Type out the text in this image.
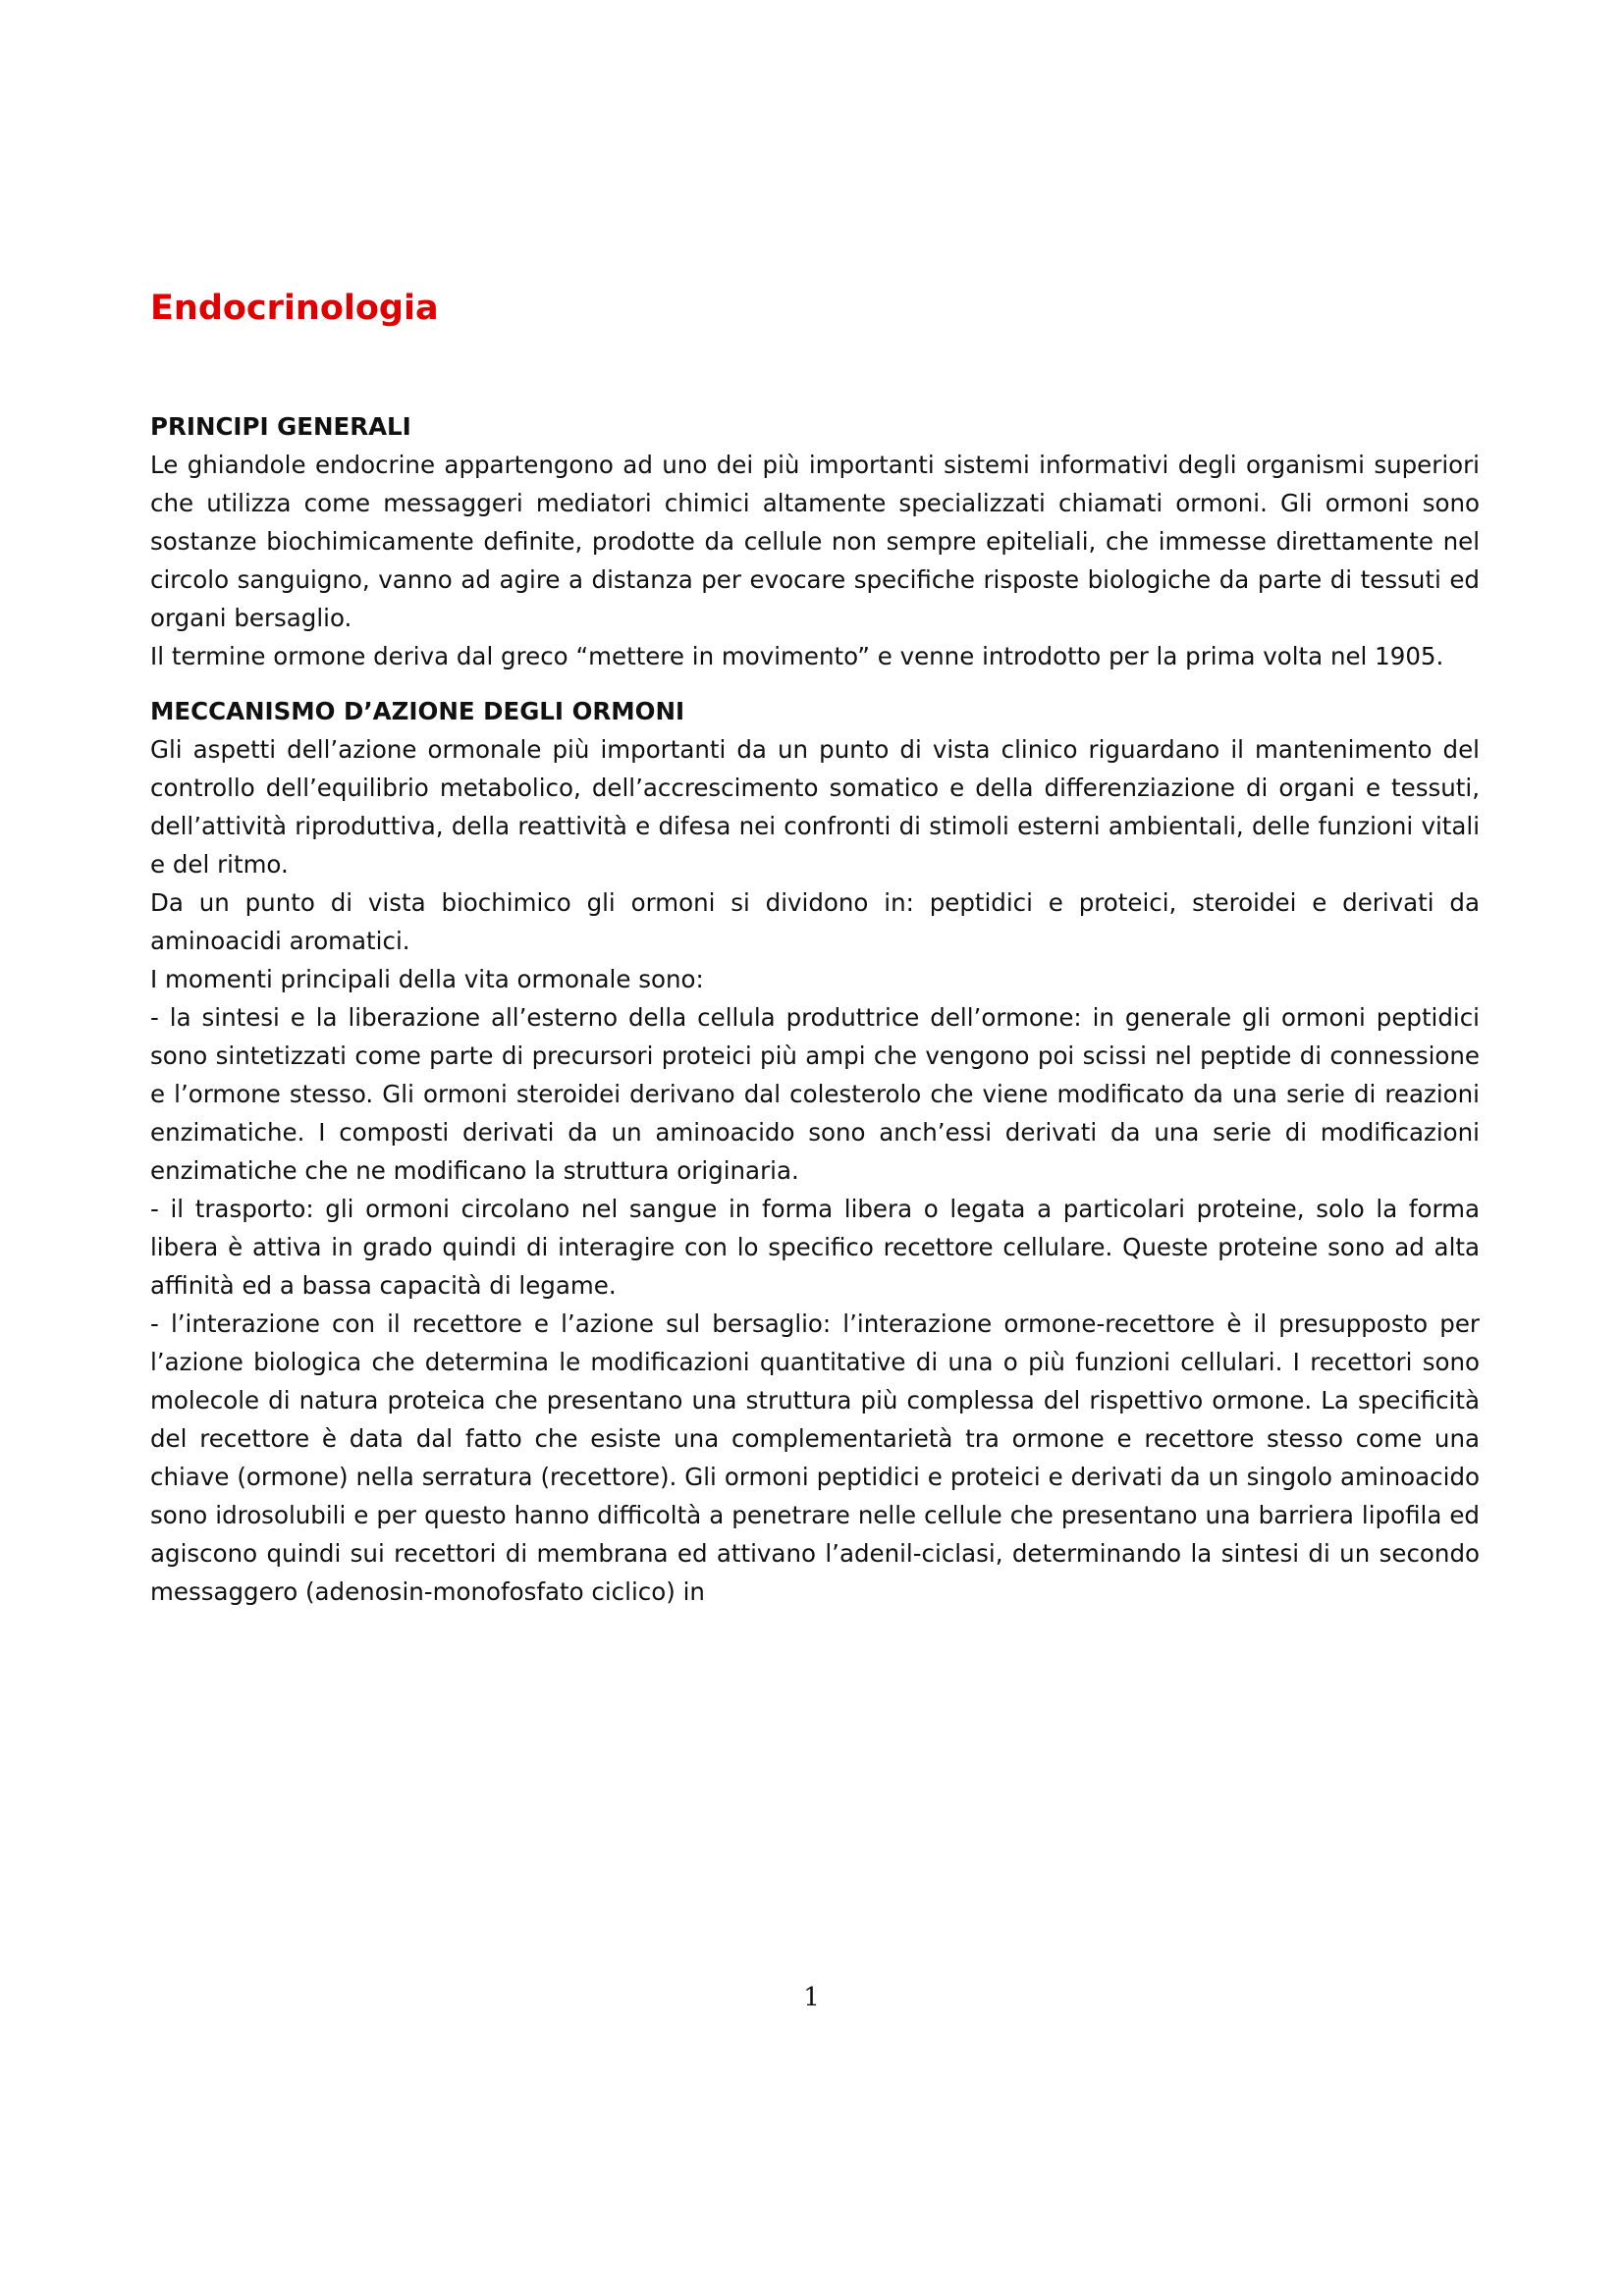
Endocrinologia
PRINCIPI GENERALI

Le ghiandole endocrine appartengono ad uno dei più importanti sistemi informativi degli organismi superiori che utilizza come messaggeri mediatori chimici altamente specializzati chiamati ormoni. Gli ormoni sono sostanze biochimicamente definite, prodotte da cellule non sempre epiteliali, che immesse direttamente nel circolo sanguigno, vanno ad agire a distanza per evocare specifiche risposte biologiche da parte di tessuti ed organi bersaglio.

Il termine ormone deriva dal greco “mettere in movimento” e venne introdotto per la prima volta nel 1905.

MECCANISMO D’AZIONE DEGLI ORMONI

Gli aspetti dell’azione ormonale più importanti da un punto di vista clinico riguardano il mantenimento del controllo dell’equilibrio metabolico, dell’accrescimento somatico e della differenziazione di organi e tessuti, dell’attività riproduttiva, della reattività e difesa nei confronti di stimoli esterni ambientali, delle funzioni vitali e del ritmo.

Da un punto di vista biochimico gli ormoni si dividono in: peptidici e proteici, steroidei e derivati da aminoacidi aromatici.

I momenti principali della vita ormonale sono:

- la sintesi e la liberazione all’esterno della cellula produttrice dell’ormone: in generale gli ormoni peptidici sono sintetizzati come parte di precursori proteici più ampi che vengono poi scissi nel peptide di connessione e l’ormone stesso. Gli ormoni steroidei derivano dal colesterolo che viene modificato da una serie di reazioni enzimatiche. I composti derivati da un aminoacido sono anch’essi derivati da una serie di modificazioni enzimatiche che ne modificano la struttura originaria.

- il trasporto: gli ormoni circolano nel sangue in forma libera o legata a particolari proteine, solo la forma libera è attiva in grado quindi di interagire con lo specifico recettore cellulare. Queste proteine sono ad alta affinità ed a bassa capacità di legame.

- l’interazione con il recettore e l’azione sul bersaglio: l’interazione ormone-recettore è il presupposto per l’azione biologica che determina le modificazioni quantitative di una o più funzioni cellulari. I recettori sono molecole di natura proteica che presentano una struttura più complessa del rispettivo ormone. La specificità del recettore è data dal fatto che esiste una complementarietà tra ormone e recettore stesso come una chiave (ormone) nella serratura (recettore). Gli ormoni peptidici e proteici e derivati da un singolo aminoacido sono idrosolubili e per questo hanno difficoltà a penetrare nelle cellule che presentano una barriera lipofila ed agiscono quindi sui recettori di membrana ed attivano l’adenil-ciclasi, determinando la sintesi di un secondo messaggero (adenosin-monofosfato ciclico) in

1
